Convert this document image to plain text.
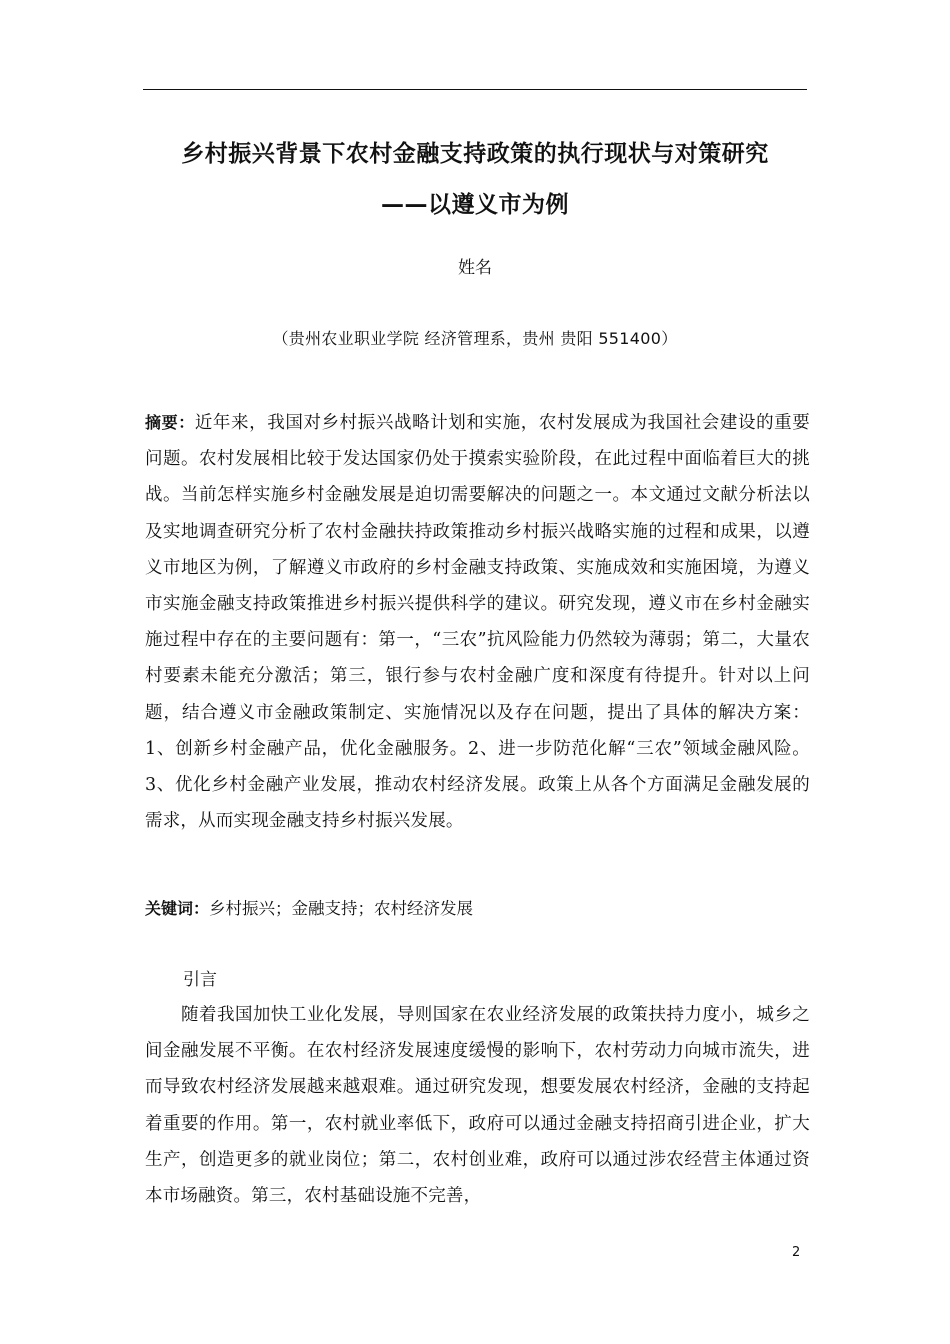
乡村振兴背景下农村金融支持政策的执行现状与对策研究
——以遵义市为例
姓名
（贵州农业职业学院 经济管理系，贵州 贵阳 551400）
摘要：近年来，我国对乡村振兴战略计划和实施，农村发展成为我国社会建设的重要问题。农村发展相比较于发达国家仍处于摸索实验阶段，在此过程中面临着巨大的挑战。当前怎样实施乡村金融发展是迫切需要解决的问题之一。本文通过文献分析法以及实地调查研究分析了农村金融扶持政策推动乡村振兴战略实施的过程和成果，以遵义市地区为例，了解遵义市政府的乡村金融支持政策、实施成效和实施困境，为遵义市实施金融支持政策推进乡村振兴提供科学的建议。研究发现，遵义市在乡村金融实施过程中存在的主要问题有：第一，“三农”抗风险能力仍然较为薄弱；第二，大量农村要素未能充分激活；第三，银行参与农村金融广度和深度有待提升。针对以上问题，结合遵义市金融政策制定、实施情况以及存在问题，提出了具体的解决方案：1、创新乡村金融产品，优化金融服务。2、进一步防范化解“三农”领域金融风险。3、优化乡村金融产业发展，推动农村经济发展。政策上从各个方面满足金融发展的需求，从而实现金融支持乡村振兴发展。
关键词：乡村振兴；金融支持；农村经济发展
引言
随着我国加快工业化发展，导则国家在农业经济发展的政策扶持力度小，城乡之间金融发展不平衡。在农村经济发展速度缓慢的影响下，农村劳动力向城市流失，进而导致农村经济发展越来越艰难。通过研究发现，想要发展农村经济，金融的支持起着重要的作用。第一，农村就业率低下，政府可以通过金融支持招商引进企业，扩大生产，创造更多的就业岗位；第二，农村创业难，政府可以通过涉农经营主体通过资本市场融资。第三，农村基础设施不完善，
2
